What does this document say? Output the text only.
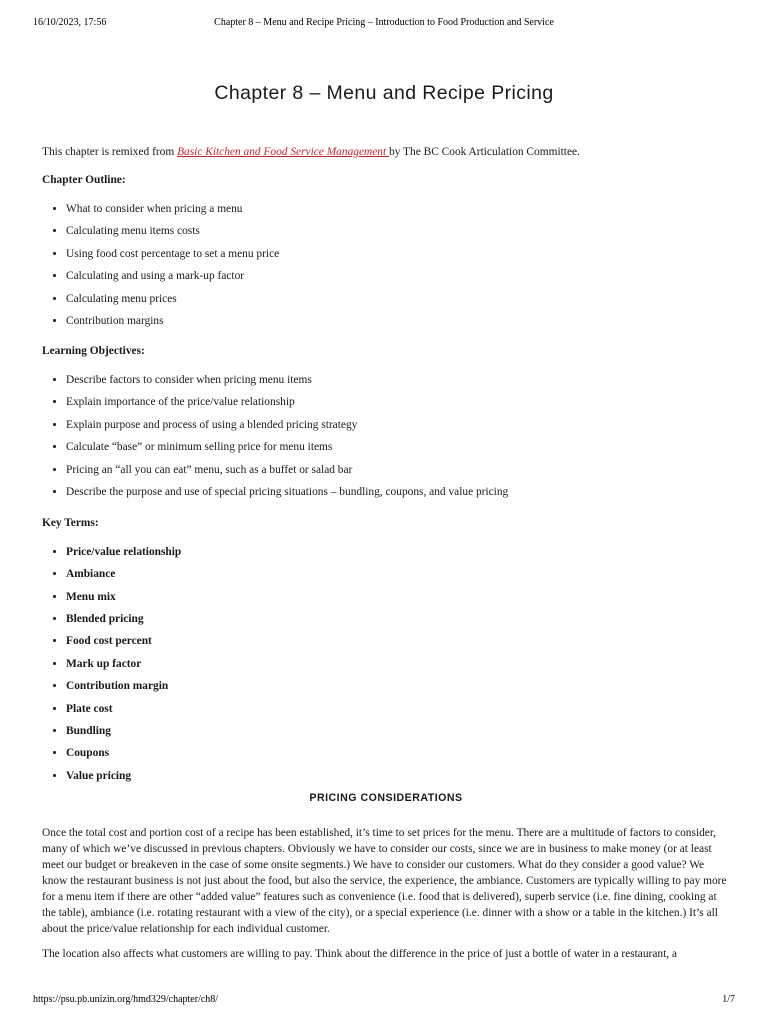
16/10/2023, 17:56	Chapter 8 – Menu and Recipe Pricing – Introduction to Food Production and Service
Chapter 8 – Menu and Recipe Pricing

This chapter is remixed from Basic Kitchen and Food Service Management by The BC Cook Articulation Committee.

Chapter Outline:

• What to consider when pricing a menu
• Calculating menu items costs
• Using food cost percentage to set a menu price
• Calculating and using a mark-up factor
• Calculating menu prices
• Contribution margins

Learning Objectives:

• Describe factors to consider when pricing menu items
• Explain importance of the price/value relationship
• Explain purpose and process of using a blended pricing strategy
• Calculate “base” or minimum selling price for menu items
• Pricing an “all you can eat” menu, such as a buffet or salad bar
• Describe the purpose and use of special pricing situations – bundling, coupons, and value pricing

Key Terms:

• Price/value relationship
• Ambiance
• Menu mix
• Blended pricing
• Food cost percent
• Mark up factor
• Contribution margin
• Plate cost
• Bundling
• Coupons
• Value pricing

PRICING CONSIDERATIONS

Once the total cost and portion cost of a recipe has been established, it’s time to set prices for the menu. There are a multitude of factors to consider, many of which we’ve discussed in previous chapters. Obviously we have to consider our costs, since we are in business to make money (or at least meet our budget or breakeven in the case of some onsite segments.) We have to consider our customers. What do they consider a good value? We know the restaurant business is not just about the food, but also the service, the experience, the ambiance. Customers are typically willing to pay more for a menu item if there are other “added value” features such as convenience (i.e. food that is delivered), superb service (i.e. fine dining, cooking at the table), ambiance (i.e. rotating restaurant with a view of the city), or a special experience (i.e. dinner with a show or a table in the kitchen.) It’s all about the price/value relationship for each individual customer.

The location also affects what customers are willing to pay. Think about the difference in the price of just a bottle of water in a restaurant, a

https://psu.pb.unizin.org/hmd329/chapter/ch8/	1/7
